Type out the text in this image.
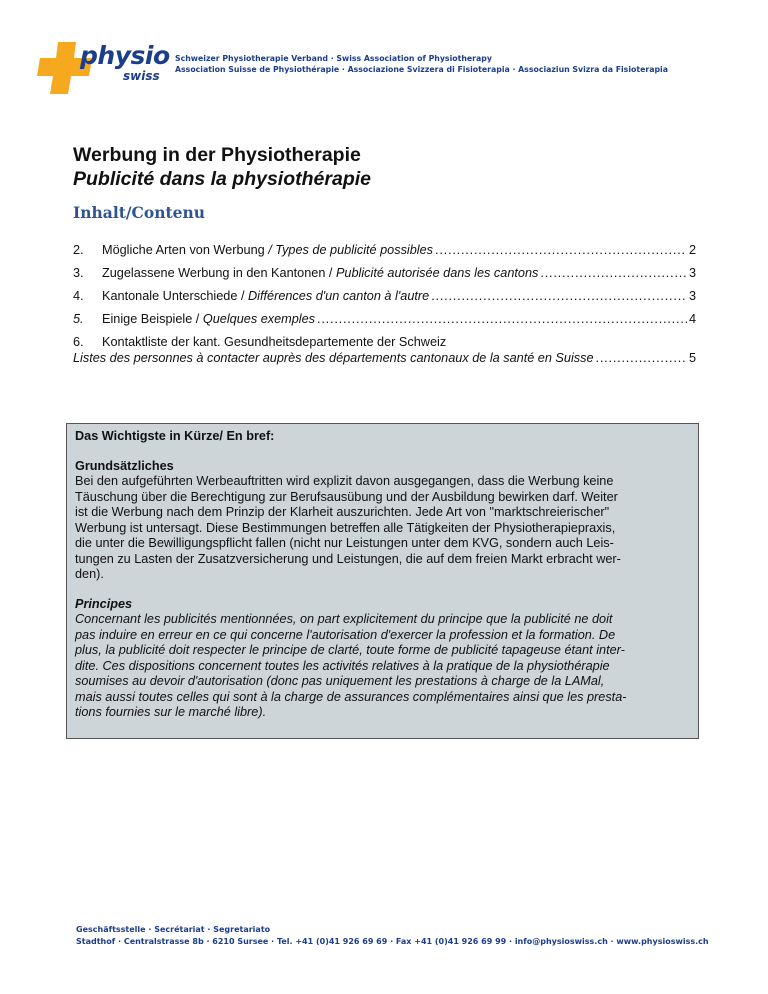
physio
swiss
Schweizer Physiotherapie Verband · Swiss Association of Physiotherapy
Association Suisse de Physiothérapie · Associazione Svizzera di Fisioterapia · Associaziun Svizra da Fisioterapia
Werbung in der Physiotherapie
Publicité dans la physiothérapie
Inhalt/Contenu
2.	Mögliche Arten von Werbung / Types de publicité possibles .....	2
3.	Zugelassene Werbung in den Kantonen / Publicité autorisée dans les cantons .....	3
4.	Kantonale Unterschiede / Différences d'un canton à l'autre .....	3
5.	Einige Beispiele / Quelques exemples .....	4
6.	Kontaktliste der kant. Gesundheitsdepartemente der Schweiz
Listes des personnes à contacter auprès des départements cantonaux de la santé en Suisse .....	5

Das Wichtigste in Kürze/ En bref:

Grundsätzliches

Bei den aufgeführten Werbeauftritten wird explizit davon ausgegangen, dass die Werbung keine
Täuschung über die Berechtigung zur Berufsausübung und der Ausbildung bewirken darf. Weiter
ist die Werbung nach dem Prinzip der Klarheit auszurichten. Jede Art von "marktschreierischer"
Werbung ist untersagt. Diese Bestimmungen betreffen alle Tätigkeiten der Physiotherapiepraxis,
die unter die Bewilligungspflicht fallen (nicht nur Leistungen unter dem KVG, sondern auch Leis-
tungen zu Lasten der Zusatzversicherung und Leistungen, die auf dem freien Markt erbracht wer-
den).

Principes

Concernant les publicités mentionnées, on part explicitement du principe que la publicité ne doit
pas induire en erreur en ce qui concerne l'autorisation d'exercer la profession et la formation. De
plus, la publicité doit respecter le principe de clarté, toute forme de publicité tapageuse étant inter-
dite. Ces dispositions concernent toutes les activités relatives à la pratique de la physiothérapie
soumises au devoir d'autorisation (donc pas uniquement les prestations à charge de la LAMal,
mais aussi toutes celles qui sont à la charge de assurances complémentaires ainsi que les presta-
tions fournies sur le marché libre).

Geschäftsstelle · Secrétariat · Segretariato
Stadthof · Centralstrasse 8b · 6210 Sursee · Tel. +41 (0)41 926 69 69 · Fax +41 (0)41 926 69 99 · info@physioswiss.ch · www.physioswiss.ch
